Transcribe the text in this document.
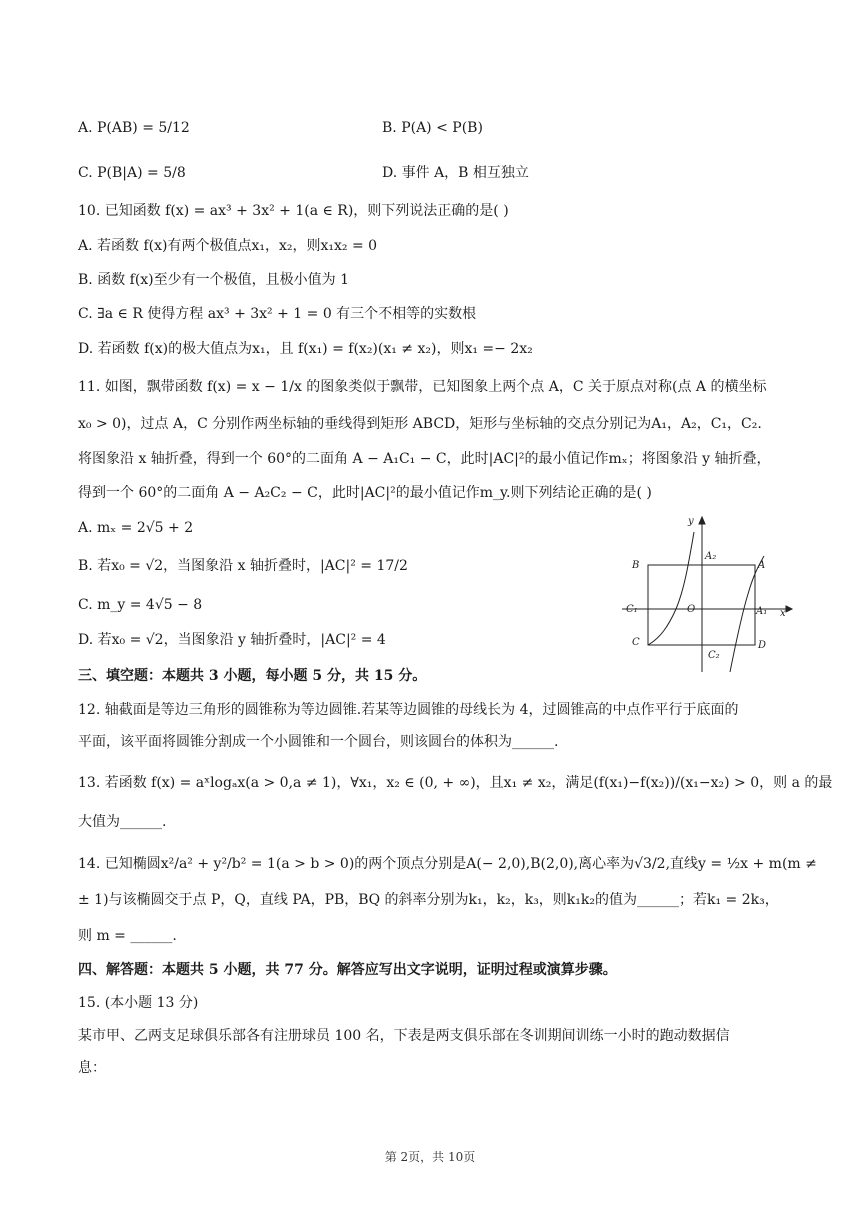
A. P(AB) = 5/12	B. P(A) < P(B)
C. P(B|A) = 5/8	D. 事件 A，B 相互独立
10. 已知函数 f(x) = ax³ + 3x² + 1(a ∈ R)，则下列说法正确的是( )
A. 若函数 f(x)有两个极值点x₁，x₂，则x₁x₂ = 0
B. 函数 f(x)至少有一个极值，且极小值为 1
C. ∃a ∈ R 使得方程 ax³ + 3x² + 1 = 0 有三个不相等的实数根
D. 若函数 f(x)的极大值点为x₁，且 f(x₁) = f(x₂)(x₁ ≠ x₂)，则x₁ =− 2x₂
11. 如图，飘带函数 f(x) = x − 1/x 的图象类似于飘带，已知图象上两个点 A，C 关于原点对称(点 A 的横坐标
x₀ > 0)，过点 A，C 分别作两坐标轴的垂线得到矩形 ABCD，矩形与坐标轴的交点分别记为A₁，A₂，C₁，C₂.
将图象沿 x 轴折叠，得到一个 60°的二面角 A − A₁C₁ − C，此时|AC|²的最小值记作mₓ；将图象沿 y 轴折叠，
得到一个 60°的二面角 A − A₂C₂ − C，此时|AC|²的最小值记作m_y.则下列结论正确的是( )
A. mₓ = 2√5 + 2
B. 若x₀ = √2，当图象沿 x 轴折叠时，|AC|² = 17/2
C. m_y = 4√5 − 8
D. 若x₀ = √2，当图象沿 y 轴折叠时，|AC|² = 4
y
A₂
B	A
C₁	O	A₁ x
C
C₂
D
三、填空题：本题共 3 小题，每小题 5 分，共 15 分。
12. 轴截面是等边三角形的圆锥称为等边圆锥.若某等边圆锥的母线长为 4，过圆锥高的中点作平行于底面的
平面，该平面将圆锥分割成一个小圆锥和一个圆台，则该圆台的体积为______.
13. 若函数 f(x) = aˣlogₐx(a > 0,a ≠ 1)，∀x₁，x₂ ∈ (0, + ∞)，且x₁ ≠ x₂，满足(f(x₁)−f(x₂))/(x₁−x₂) > 0，则 a 的最
大值为______.
14. 已知椭圆x²/a² + y²/b² = 1(a > b > 0)的两个顶点分别是A(− 2,0),B(2,0),离心率为√3/2,直线y = ½x + m(m ≠
± 1)与该椭圆交于点 P，Q，直线 PA，PB，BQ 的斜率分别为k₁，k₂，k₃，则k₁k₂的值为______；若k₁ = 2k₃，
则 m = ______.
四、解答题：本题共 5 小题，共 77 分。解答应写出文字说明，证明过程或演算步骤。
15. (本小题 13 分)
某市甲、乙两支足球俱乐部各有注册球员 100 名，下表是两支俱乐部在冬训期间训练一小时的跑动数据信
息：
第 2页，共 10页
